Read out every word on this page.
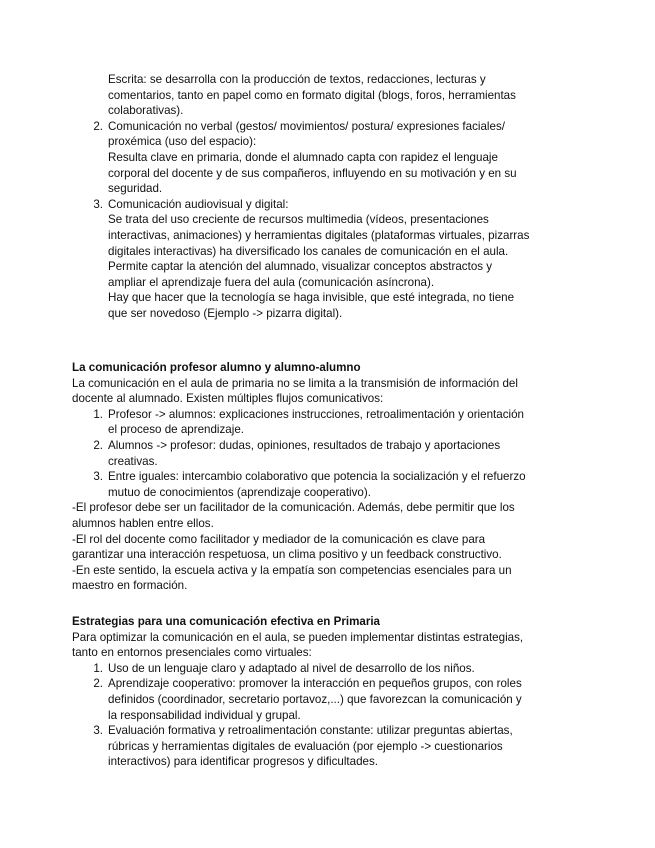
Escrita: se desarrolla con la producción de textos, redacciones, lecturas y comentarios, tanto en papel como en formato digital (blogs, foros, herramientas colaborativas).

2. Comunicación no verbal (gestos/ movimientos/ postura/ expresiones faciales/ proxémica (uso del espacio):

Resulta clave en primaria, donde el alumnado capta con rapidez el lenguaje corporal del docente y de sus compañeros, influyendo en su motivación y en su seguridad.

3. Comunicación audiovisual y digital:

Se trata del uso creciente de recursos multimedia (vídeos, presentaciones interactivas, animaciones) y herramientas digitales (plataformas virtuales, pizarras digitales interactivas) ha diversificado los canales de comunicación en el aula.

Permite captar la atención del alumnado, visualizar conceptos abstractos y ampliar el aprendizaje fuera del aula (comunicación asíncrona).

Hay que hacer que la tecnología se haga invisible, que esté integrada, no tiene que ser novedoso (Ejemplo -> pizarra digital).

La comunicación profesor alumno y alumno-alumno

La comunicación en el aula de primaria no se limita a la transmisión de información del docente al alumnado. Existen múltiples flujos comunicativos:

1. Profesor -> alumnos: explicaciones instrucciones, retroalimentación y orientación el proceso de aprendizaje.

2. Alumnos -> profesor: dudas, opiniones, resultados de trabajo y aportaciones creativas.

3. Entre iguales: intercambio colaborativo que potencia la socialización y el refuerzo mutuo de conocimientos (aprendizaje cooperativo).

-El profesor debe ser un facilitador de la comunicación. Además, debe permitir que los alumnos hablen entre ellos.

-El rol del docente como facilitador y mediador de la comunicación es clave para garantizar una interacción respetuosa, un clima positivo y un feedback constructivo.

-En este sentido, la escuela activa y la empatía son competencias esenciales para un maestro en formación.

Estrategias para una comunicación efectiva en Primaria

Para optimizar la comunicación en el aula, se pueden implementar distintas estrategias, tanto en entornos presenciales como virtuales:

1. Uso de un lenguaje claro y adaptado al nivel de desarrollo de los niños.

2. Aprendizaje cooperativo: promover la interacción en pequeños grupos, con roles definidos (coordinador, secretario portavoz,...) que favorezcan la comunicación y la responsabilidad individual y grupal.

3. Evaluación formativa y retroalimentación constante: utilizar preguntas abiertas, rúbricas y herramientas digitales de evaluación (por ejemplo -> cuestionarios interactivos) para identificar progresos y dificultades.
